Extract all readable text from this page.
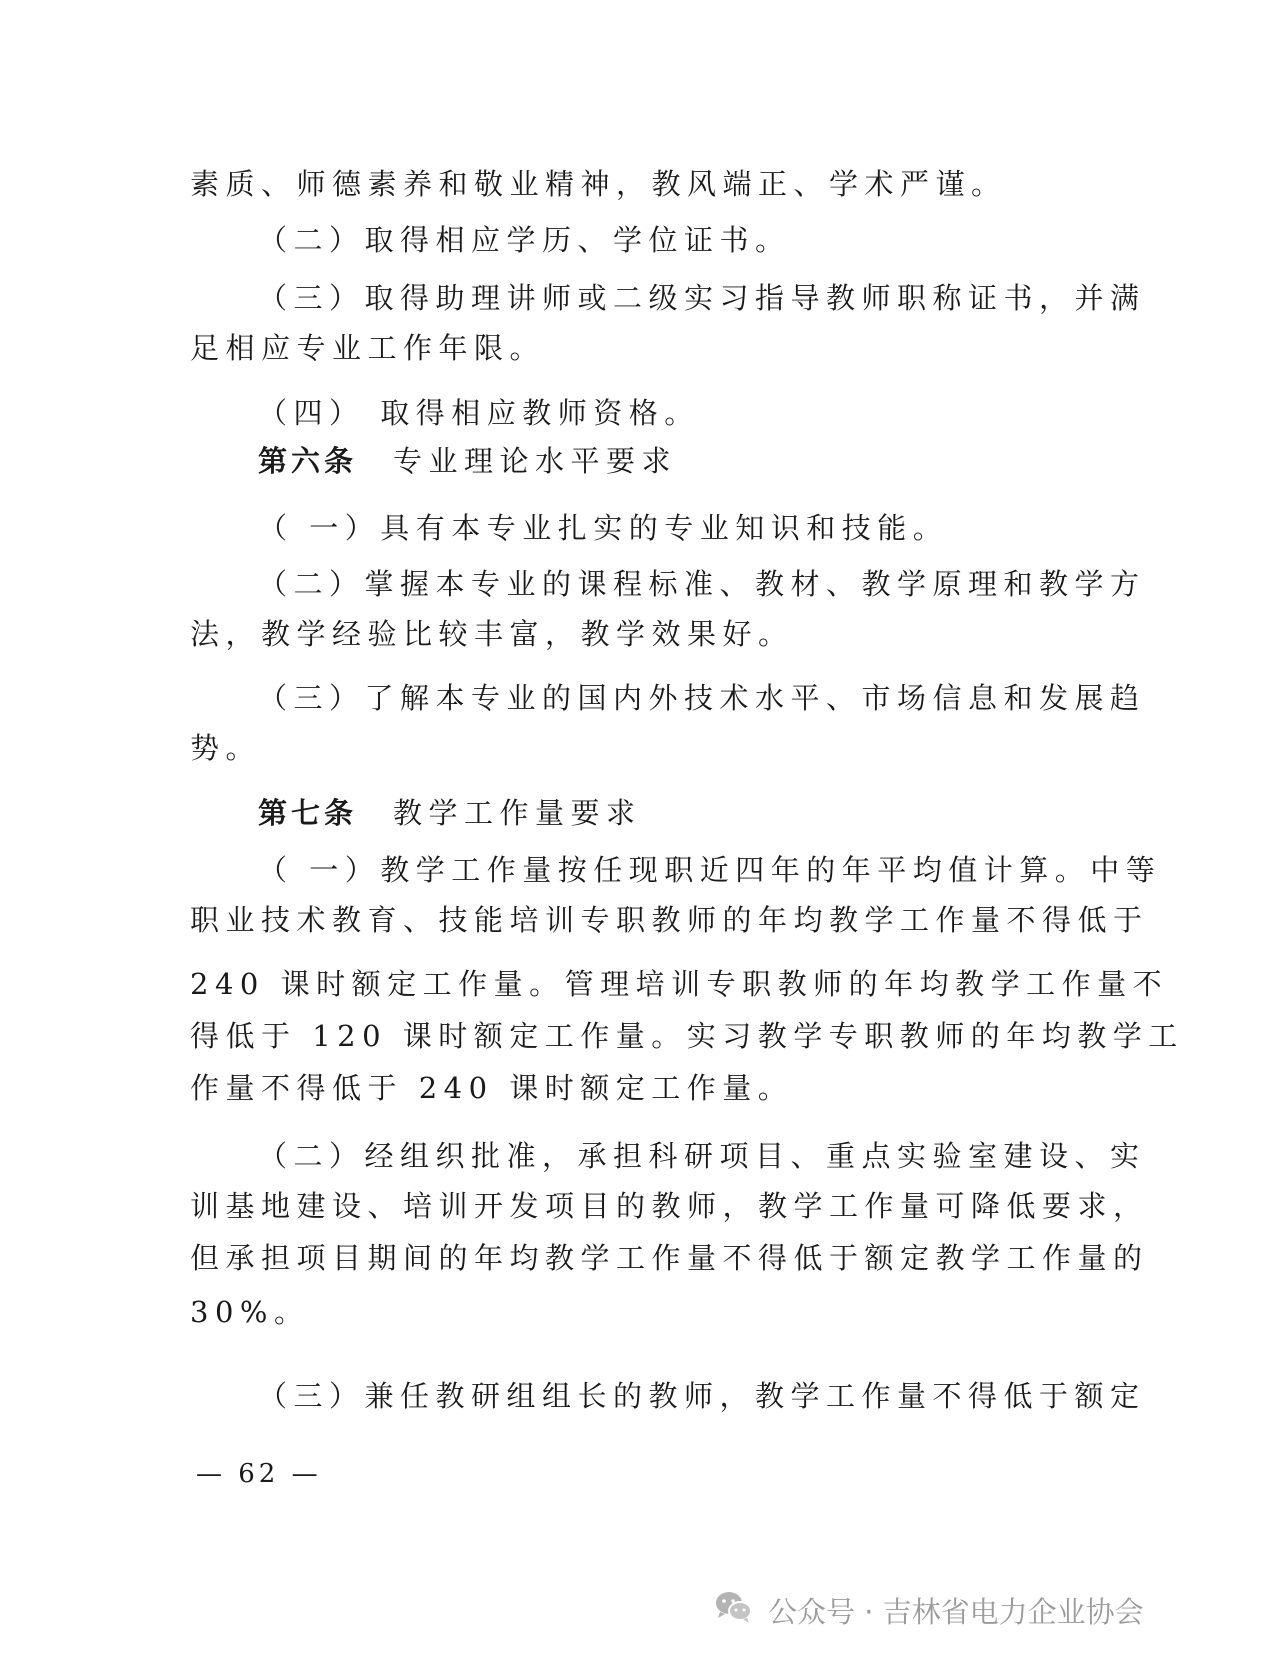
素质、师德素养和敬业精神，教风端正、学术严谨。
（二）取得相应学历、学位证书。
（三）取得助理讲师或二级实习指导教师职称证书，并满
足相应专业工作年限。
（四） 取得相应教师资格。
第六条 专业理论水平要求
（ 一）具有本专业扎实的专业知识和技能。
（二）掌握本专业的课程标准、教材、教学原理和教学方
法，教学经验比较丰富，教学效果好。
（三）了解本专业的国内外技术水平、市场信息和发展趋
势。
第七条 教学工作量要求
（ 一）教学工作量按任现职近四年的年平均值计算。中等
职业技术教育、技能培训专职教师的年均教学工作量不得低于
240 课时额定工作量。管理培训专职教师的年均教学工作量不
得低于 120 课时额定工作量。实习教学专职教师的年均教学工
作量不得低于 240 课时额定工作量。
（二）经组织批准，承担科研项目、重点实验室建设、实
训基地建设、培训开发项目的教师，教学工作量可降低要求，
但承担项目期间的年均教学工作量不得低于额定教学工作量的
30%。
（三）兼任教研组组长的教师，教学工作量不得低于额定
— 62 —
公众号 · 吉林省电力企业协会
